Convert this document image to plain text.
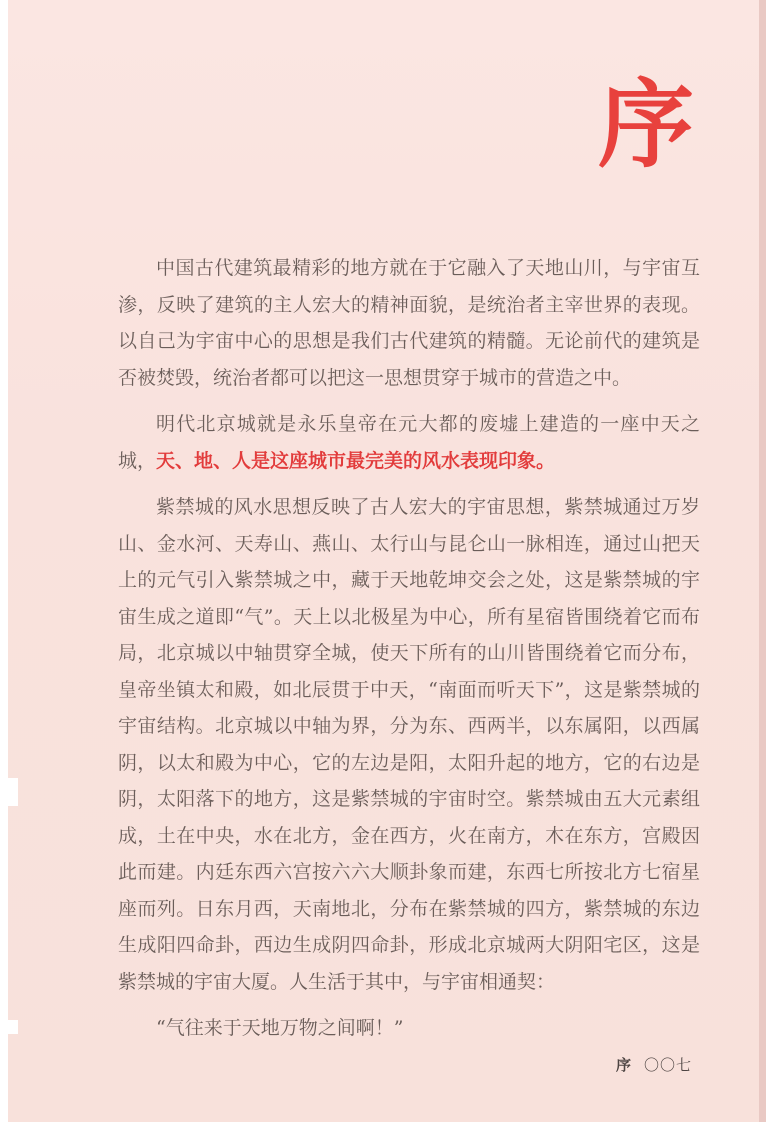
序

中国古代建筑最精彩的地方就在于它融入了天地山川，与宇宙互渗，反映了建筑的主人宏大的精神面貌，是统治者主宰世界的表现。以自己为宇宙中心的思想是我们古代建筑的精髓。无论前代的建筑是否被焚毁，统治者都可以把这一思想贯穿于城市的营造之中。

明代北京城就是永乐皇帝在元大都的废墟上建造的一座中天之城，天、地、人是这座城市最完美的风水表现印象。

紫禁城的风水思想反映了古人宏大的宇宙思想，紫禁城通过万岁山、金水河、天寿山、燕山、太行山与昆仑山一脉相连，通过山把天上的元气引入紫禁城之中，藏于天地乾坤交会之处，这是紫禁城的宇宙生成之道即“气”。天上以北极星为中心，所有星宿皆围绕着它而布局，北京城以中轴贯穿全城，使天下所有的山川皆围绕着它而分布，皇帝坐镇太和殿，如北辰贯于中天，“南面而听天下”，这是紫禁城的宇宙结构。北京城以中轴为界，分为东、西两半，以东属阳，以西属阴，以太和殿为中心，它的左边是阳，太阳升起的地方，它的右边是阴，太阳落下的地方，这是紫禁城的宇宙时空。紫禁城由五大元素组成，土在中央，水在北方，金在西方，火在南方，木在东方，宫殿因此而建。内廷东西六宫按六六大顺卦象而建，东西七所按北方七宿星座而列。日东月西，天南地北，分布在紫禁城的四方，紫禁城的东边生成阳四命卦，西边生成阴四命卦，形成北京城两大阴阳宅区，这是紫禁城的宇宙大厦。人生活于其中，与宇宙相通契：

“气往来于天地万物之间啊！”

序 〇〇七
